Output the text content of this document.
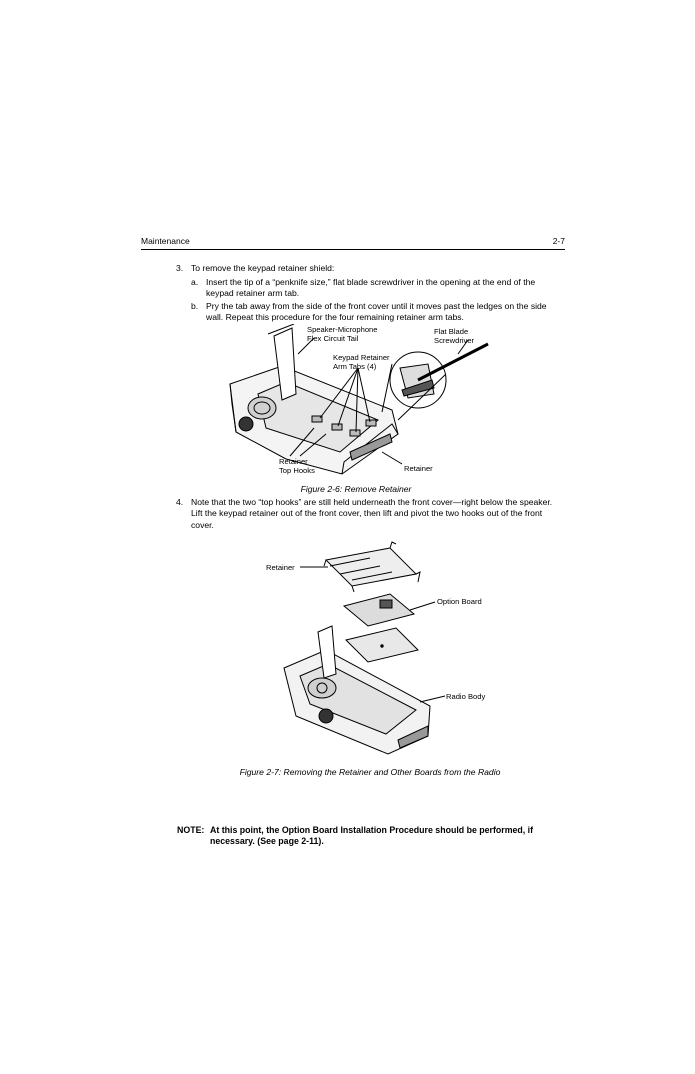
Maintenance	2-7
3. To remove the keypad retainer shield:
a. Insert the tip of a “penknife size,” flat blade screwdriver in the opening at the end of the keypad retainer arm tab.
b. Pry the tab away from the side of the front cover until it moves past the ledges on the side wall. Repeat this procedure for the four remaining retainer arm tabs.
Speaker-Microphone
Flex Circuit Tail
Flat Blade
Screwdriver
Keypad Retainer
Arm Tabs (4)
Retainer
Top Hooks	Retainer
Figure 2-6: Remove Retainer
4. Note that the two “top hooks” are still held underneath the front cover—right below the speaker. Lift the keypad retainer out of the front cover, then lift and pivot the two hooks out of the front cover.
Retainer
Option Board
Radio Body
Figure 2-7: Removing the Retainer and Other Boards from the Radio
NOTE: At this point, the Option Board Installation Procedure should be performed, if necessary. (See page 2-11).
